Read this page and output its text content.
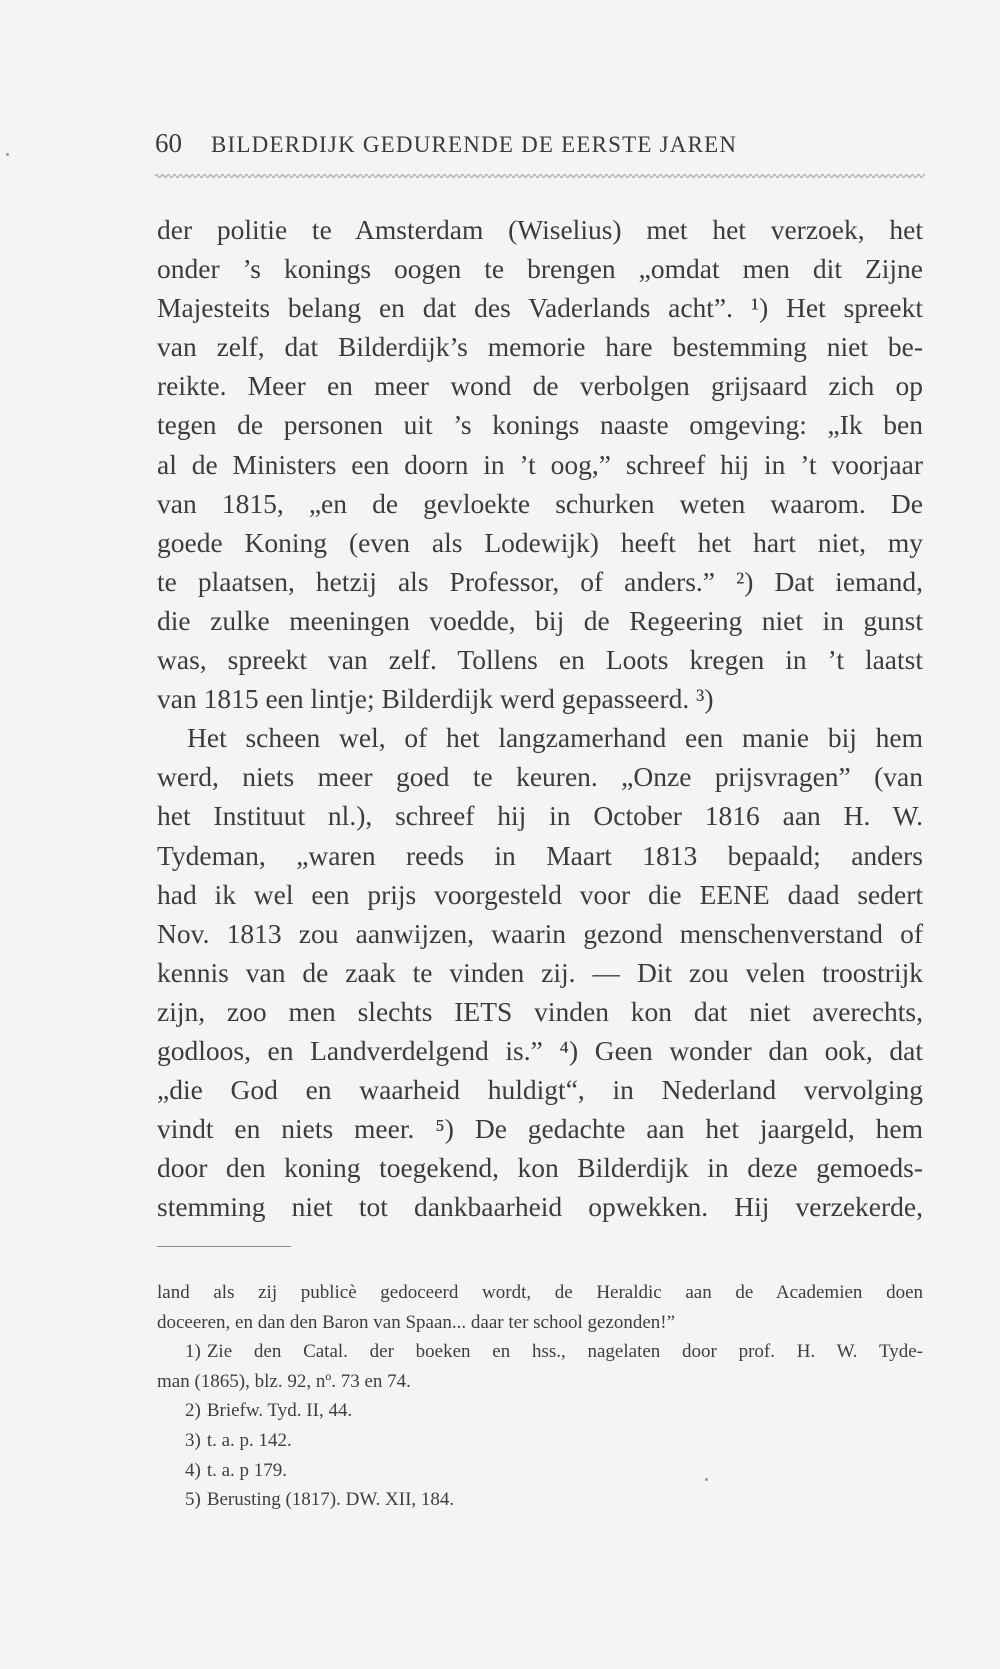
60 BILDERDIJK GEDURENDE DE EERSTE JAREN
der politie te Amsterdam (Wiselius) met het verzoek, het
onder ’s konings oogen te brengen „omdat men dit Zijne
Majesteits belang en dat des Vaderlands acht”. ¹) Het spreekt
van zelf, dat Bilderdijk’s memorie hare bestemming niet be-
reikte. Meer en meer wond de verbolgen grijsaard zich op
tegen de personen uit ’s konings naaste omgeving: „Ik ben
al de Ministers een doorn in ’t oog,” schreef hij in ’t voorjaar
van 1815, „en de gevloekte schurken weten waarom. De
goede Koning (even als Lodewijk) heeft het hart niet, my
te plaatsen, hetzij als Professor, of anders.” ²) Dat iemand,
die zulke meeningen voedde, bij de Regeering niet in gunst
was, spreekt van zelf. Tollens en Loots kregen in ’t laatst
van 1815 een lintje; Bilderdijk werd gepasseerd. ³)
Het scheen wel, of het langzamerhand een manie bij hem
werd, niets meer goed te keuren. „Onze prijsvragen” (van
het Instituut nl.), schreef hij in October 1816 aan H. W.
Tydeman, „waren reeds in Maart 1813 bepaald; anders
had ik wel een prijs voorgesteld voor die EENE daad sedert
Nov. 1813 zou aanwijzen, waarin gezond menschenverstand of
kennis van de zaak te vinden zij. — Dit zou velen troostrijk
zijn, zoo men slechts IETS vinden kon dat niet averechts,
godloos, en Landverdelgend is.” ⁴) Geen wonder dan ook, dat
„die God en waarheid huldigt“, in Nederland vervolging
vindt en niets meer. ⁵) De gedachte aan het jaargeld, hem
door den koning toegekend, kon Bilderdijk in deze gemoeds-
stemming niet tot dankbaarheid opwekken. Hij verzekerde,
land als zij publicè gedoceerd wordt, de Heraldic aan de Academien doen
doceeren, en dan den Baron van Spaan... daar ter school gezonden!”
1) Zie den Catal. der boeken en hss., nagelaten door prof. H. W. Tyde-
man (1865), blz. 92, nº. 73 en 74.
2) Briefw. Tyd. II, 44.
3) t. a. p. 142.
4) t. a. p 179.
5) Berusting (1817). DW. XII, 184.
